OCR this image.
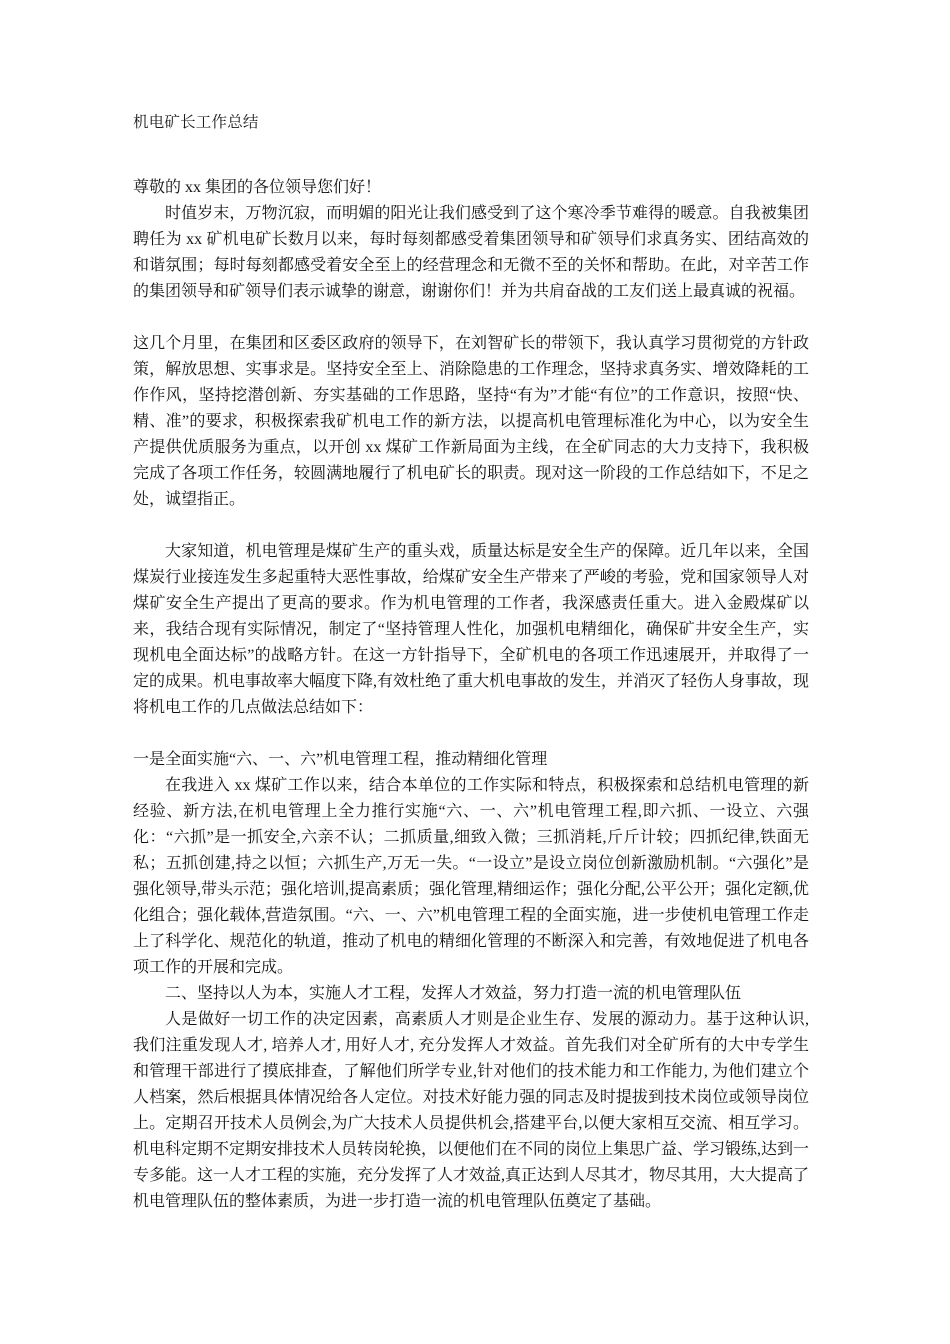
机电矿长工作总结

尊敬的 xx 集团的各位领导您们好！

时值岁末，万物沉寂，而明媚的阳光让我们感受到了这个寒冷季节难得的暖意。自我被集团聘任为 xx 矿机电矿长数月以来，每时每刻都感受着集团领导和矿领导们求真务实、团结高效的和谐氛围；每时每刻都感受着安全至上的经营理念和无微不至的关怀和帮助。在此，对辛苦工作的集团领导和矿领导们表示诚挚的谢意，谢谢你们！并为共肩奋战的工友们送上最真诚的祝福。

这几个月里，在集团和区委区政府的领导下，在刘智矿长的带领下，我认真学习贯彻党的方针政策，解放思想、实事求是。坚持安全至上、消除隐患的工作理念，坚持求真务实、增效降耗的工作作风，坚持挖潜创新、夯实基础的工作思路，坚持“有为”才能“有位”的工作意识，按照“快、精、准”的要求，积极探索我矿机电工作的新方法，以提高机电管理标准化为中心，以为安全生产提供优质服务为重点，以开创 xx 煤矿工作新局面为主线，在全矿同志的大力支持下，我积极完成了各项工作任务，较圆满地履行了机电矿长的职责。现对这一阶段的工作总结如下，不足之处，诚望指正。

大家知道，机电管理是煤矿生产的重头戏，质量达标是安全生产的保障。近几年以来，全国煤炭行业接连发生多起重特大恶性事故，给煤矿安全生产带来了严峻的考验，党和国家领导人对煤矿安全生产提出了更高的要求。作为机电管理的工作者，我深感责任重大。进入金殿煤矿以来，我结合现有实际情况，制定了“坚持管理人性化，加强机电精细化，确保矿井安全生产，实现机电全面达标”的战略方针。在这一方针指导下，全矿机电的各项工作迅速展开，并取得了一定的成果。机电事故率大幅度下降,有效杜绝了重大机电事故的发生，并消灭了轻伤人身事故，现将机电工作的几点做法总结如下：

一是全面实施“六、一、六”机电管理工程，推动精细化管理

在我进入 xx 煤矿工作以来，结合本单位的工作实际和特点，积极探索和总结机电管理的新经验、新方法,在机电管理上全力推行实施“六、一、六”机电管理工程,即六抓、一设立、六强化：“六抓”是一抓安全,六亲不认；二抓质量,细致入微；三抓消耗,斤斤计较；四抓纪律,铁面无私；五抓创建,持之以恒；六抓生产,万无一失。“一设立”是设立岗位创新激励机制。“六强化”是强化领导,带头示范；强化培训,提高素质；强化管理,精细运作；强化分配,公平公开；强化定额,优化组合；强化载体,营造氛围。“六、一、六”机电管理工程的全面实施，进一步使机电管理工作走上了科学化、规范化的轨道，推动了机电的精细化管理的不断深入和完善，有效地促进了机电各项工作的开展和完成。

二、坚持以人为本，实施人才工程，发挥人才效益，努力打造一流的机电管理队伍

人是做好一切工作的决定因素，高素质人才则是企业生存、发展的源动力。基于这种认识, 我们注重发现人才, 培养人才, 用好人才, 充分发挥人才效益。首先我们对全矿所有的大中专学生和管理干部进行了摸底排查，了解他们所学专业,针对他们的技术能力和工作能力, 为他们建立个人档案，然后根据具体情况给各人定位。对技术好能力强的同志及时提拔到技术岗位或领导岗位上。定期召开技术人员例会,为广大技术人员提供机会,搭建平台,以便大家相互交流、相互学习。机电科定期不定期安排技术人员转岗轮换，以便他们在不同的岗位上集思广益、学习锻练,达到一专多能。这一人才工程的实施，充分发挥了人才效益,真正达到人尽其才，物尽其用，大大提高了机电管理队伍的整体素质，为进一步打造一流的机电管理队伍奠定了基础。
